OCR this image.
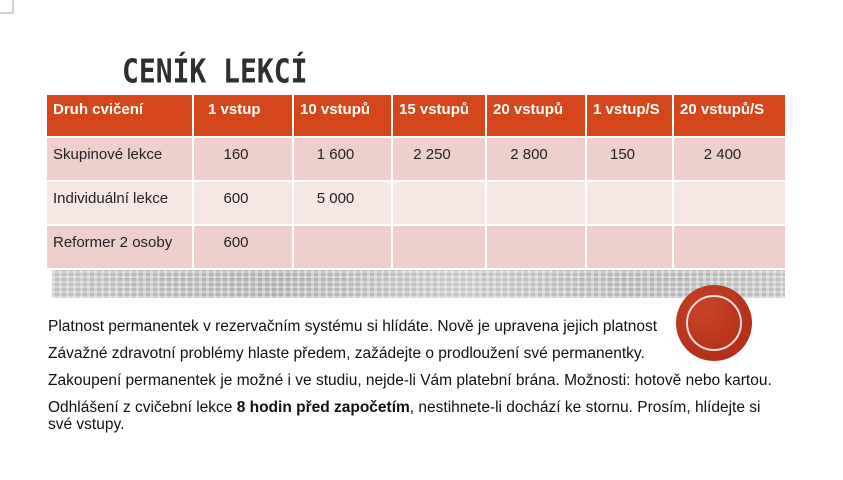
CENÍK LEKCÍ
Druh cvičení	1 vstup	10 vstupů	15 vstupů	20 vstupů	1 vstup/S	20 vstupů/S
Skupinové lekce	160	1 600	2 250	2 800	150	2 400
Individuální lekce	600	5 000				
Reformer 2 osoby	600					

Platnost permanentek v rezervačním systému si hlídáte. Nově je upravena jejich platnost

Závažné zdravotní problémy hlaste předem, zažádejte o prodloužení své permanentky.

Zakoupení permanentek je možné i ve studiu, nejde-li Vám platební brána. Možnosti: hotově nebo kartou.

Odhlášení z cvičební lekce 8 hodin před započetím, nestihnete-li dochází ke stornu. Prosím, hlídejte si své vstupy.
